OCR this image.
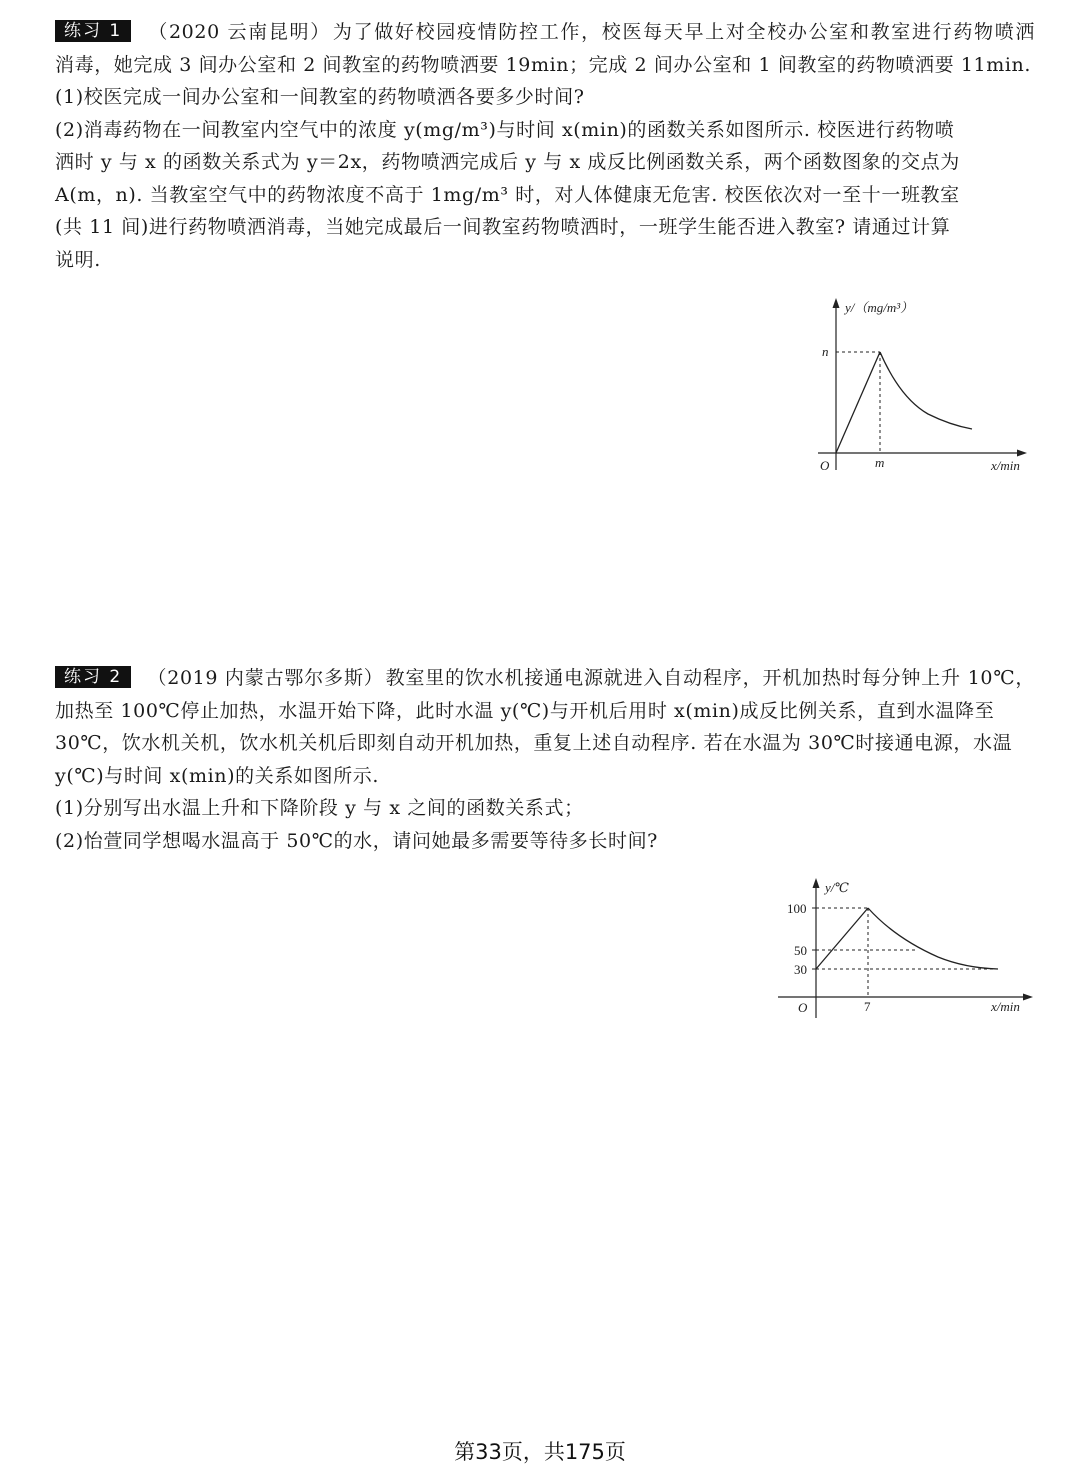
练习 1 （2020 云南昆明） 为了做好校园疫情防控工作，校医每天早上对全校办公室和教室进行药物喷洒

消毒，她完成 3 间办公室和 2 间教室的药物喷洒要 19min；完成 2 间办公室和 1 间教室的药物喷洒要 11min.

(1)校医完成一间办公室和一间教室的药物喷洒各要多少时间?

(2)消毒药物在一间教室内空气中的浓度 y(mg/m³)与时间 x(min)的函数关系如图所示. 校医进行药物喷

洒时 y 与 x 的函数关系式为 y＝2x，药物喷洒完成后 y 与 x 成反比例函数关系，两个函数图象的交点为

A(m，n). 当教室空气中的药物浓度不高于 1mg/m³ 时，对人体健康无危害. 校医依次对一至十一班教室

(共 11 间)进行药物喷洒消毒，当她完成最后一间教室药物喷洒时，一班学生能否进入教室? 请通过计算

说明.

y/（mg/m³）
n
O	m	x/min

练习 2 （2019 内蒙古鄂尔多斯） 教室里的饮水机接通电源就进入自动程序，开机加热时每分钟上升 10℃，

加热至 100℃停止加热，水温开始下降，此时水温 y(℃)与开机后用时 x(min)成反比例关系，直到水温降至

30℃，饮水机关机，饮水机关机后即刻自动开机加热，重复上述自动程序. 若在水温为 30℃时接通电源，水温

y(℃)与时间 x(min)的关系如图所示.

(1)分别写出水温上升和下降阶段 y 与 x 之间的函数关系式；

(2)怡萱同学想喝水温高于 50℃的水，请问她最多需要等待多长时间?

y/℃
100
50
30
O	7	x/min
第33页，共175页
